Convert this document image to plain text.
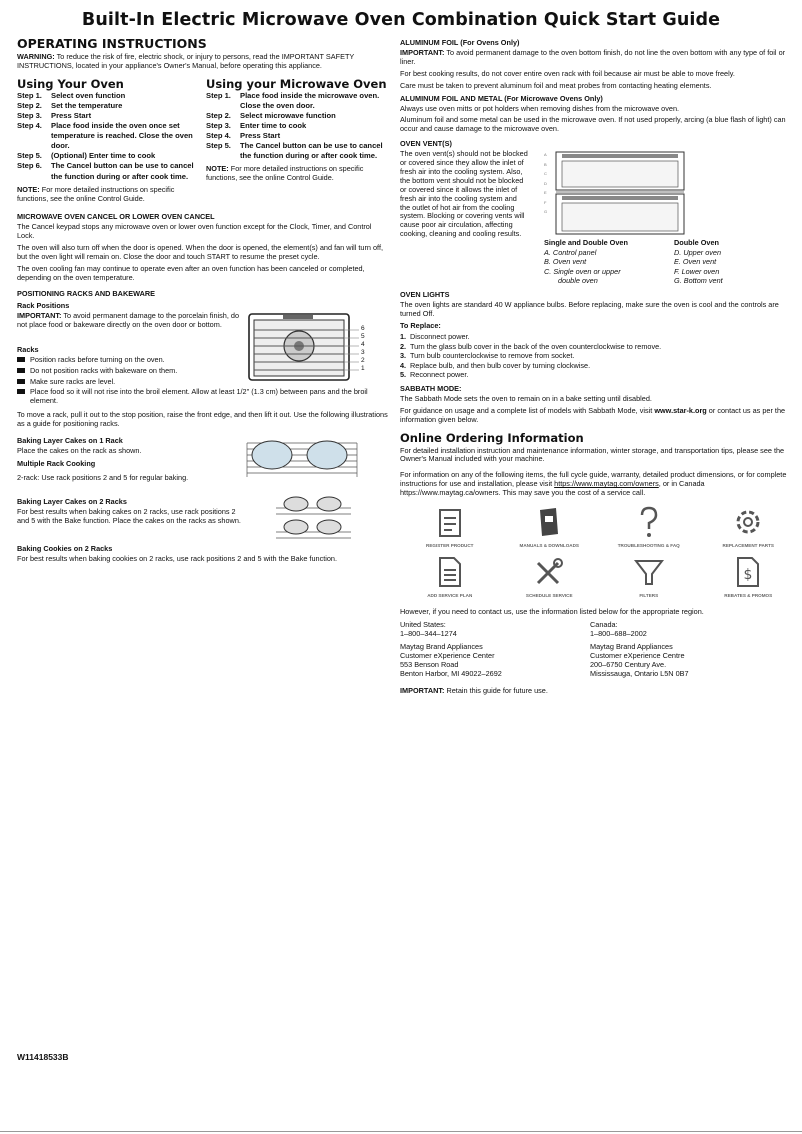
Built-In Electric Microwave Oven Combination Quick Start Guide
OPERATING INSTRUCTIONS

WARNING: To reduce the risk of fire, electric shock, or injury to persons, read the IMPORTANT SAFETY INSTRUCTIONS, located in your appliance's Owner's Manual, before operating this appliance.

Using Your Oven
Step 1.	Select oven function
Step 2.	Set the temperature
Step 3.	Press Start
Step 4.	Place food inside the oven once set temperature is reached. Close the oven door.
Step 5.	(Optional) Enter time to cook
Step 6.	The Cancel button can be use to cancel the function during or after cook time.

NOTE: For more detailed instructions on specific functions, see the online Control Guide.

Using your Microwave Oven
Step 1.	Place food inside the microwave oven. Close the oven door.
Step 2.	Select microwave function
Step 3.	Enter time to cook
Step 4.	Press Start
Step 5.	The Cancel button can be use to cancel the function during or after cook time.

NOTE: For more detailed instructions on specific functions, see the online Control Guide.

MICROWAVE OVEN CANCEL OR LOWER OVEN CANCEL

The Cancel keypad stops any microwave oven or lower oven function except for the Clock, Timer, and Control Lock.

The oven will also turn off when the door is opened. When the door is opened, the element(s) and fan will turn off, but the oven light will remain on. Close the door and touch START to resume the preset cycle.

The oven cooling fan may continue to operate even after an oven function has been canceled or completed, depending on the oven temperature.

POSITIONING RACKS AND BAKEWARE
Rack Positions

IMPORTANT: To avoid permanent damage to the porcelain finish, do not place food or bakeware directly on the oven door or bottom.	6
5
4
3
2
1
Racks
Position racks before turning on the oven.
Do not position racks with bakeware on them.
Make sure racks are level.
Place food so it will not rise into the broil element. Allow at least 1/2" (1.3 cm) between pans and the broil element.

To move a rack, pull it out to the stop position, raise the front edge, and then lift it out. Use the following illustrations as a guide for positioning racks.

Baking Layer Cakes on 1 Rack

Place the cakes on the rack as shown.

Multiple Rack Cooking

2-rack: Use rack positions 2 and 5 for regular baking.

Baking Layer Cakes on 2 Racks

For best results when baking cakes on 2 racks, use rack positions 2 and 5 with the Bake function. Place the cakes on the racks as shown.

Baking Cookies on 2 Racks

For best results when baking cookies on 2 racks, use rack positions 2 and 5 with the Bake function.

ALUMINUM FOIL (For Ovens Only)

IMPORTANT: To avoid permanent damage to the oven bottom finish, do not line the oven bottom with any type of foil or liner.

For best cooking results, do not cover entire oven rack with foil because air must be able to move freely.

Care must be taken to prevent aluminum foil and meat probes from contacting heating elements.

ALUMINUM FOIL AND METAL (For Microwave Ovens Only)

Always use oven mitts or pot holders when removing dishes from the microwave oven.

Aluminum foil and some metal can be used in the microwave oven. If not used properly, arcing (a blue flash of light) can occur and cause damage to the microwave oven.

OVEN VENT(S)

The oven vent(s) should not be blocked or covered since they allow the inlet of fresh air into the cooling system. Also, the bottom vent should not be blocked or covered since it allows the inlet of fresh air into the cooling system and the outlet of hot air from the cooling system. Blocking or covering vents will cause poor air circulation, affecting cooking, cleaning and cooling results.

A
B
C
D
E
F
G
Single and Double Oven	Double Oven
A. Control panel	D. Upper oven
B. Oven vent	E. Oven vent
C. Single oven or upper	F. Lower oven
double oven	G. Bottom vent
OVEN LIGHTS

The oven lights are standard 40 W appliance bulbs. Before replacing, make sure the oven is cool and the controls are turned Off.

To Replace:
1. Disconnect power.
2. Turn the glass bulb cover in the back of the oven counterclockwise to remove.
3. Turn bulb counterclockwise to remove from socket.
4. Replace bulb, and then bulb cover by turning clockwise.
5. Reconnect power.
SABBATH MODE:

The Sabbath Mode sets the oven to remain on in a bake setting until disabled.

For guidance on usage and a complete list of models with Sabbath Mode, visit www.star-k.org or contact us as per the information given below.

Online Ordering Information

For detailed installation instruction and maintenance information, winter storage, and transportation tips, please see the Owner's Manual included with your machine.

For information on any of the following items, the full cycle guide, warranty, detailed product dimensions, or for complete instructions for use and installation, please visit https://www.maytag.com/owners, or in Canada https://www.maytag.ca/owners. This may save you the cost of a service call.

REGISTER PRODUCT	MANUALS & DOWNLOADS	TROUBLESHOOTING & FAQ	REPLACEMENT PARTS
ADD SERVICE PLAN	SCHEDULE SERVICE	FILTERS
$
REBATES & PROMOS

However, if you need to contact us, use the information listed below for the appropriate region.

United States:
1–800–344–1274
Maytag Brand Appliances
Customer eXperience Center
553 Benson Road
Benton Harbor, MI 49022–2692
Canada:
1–800–688–2002
Maytag Brand Appliances
Customer eXperience Centre
200–6750 Century Ave.
Mississauga, Ontario L5N 0B7

IMPORTANT: Retain this guide for future use.

W11418533B
